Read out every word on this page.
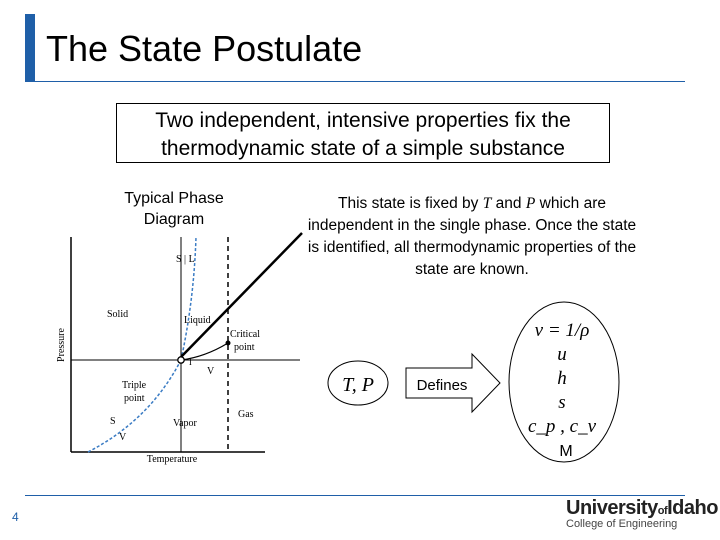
The State Postulate
Two independent, intensive properties fix the
thermodynamic state of a simple substance
Typical Phase
Diagram
This state is fixed by T and P which are independent in the single phase. Once the state is identified, all thermodynamic properties of the state are known.
Pressure
Temperature
S | L
Solid
Liquid
l
V
Critical
point
Triple
point
S
V
Vapor
Gas
T, P	Defines
v = 1/ρ
u
h
s
c_p , c_v
M
4	UniversityofIdaho
College of Engineering
